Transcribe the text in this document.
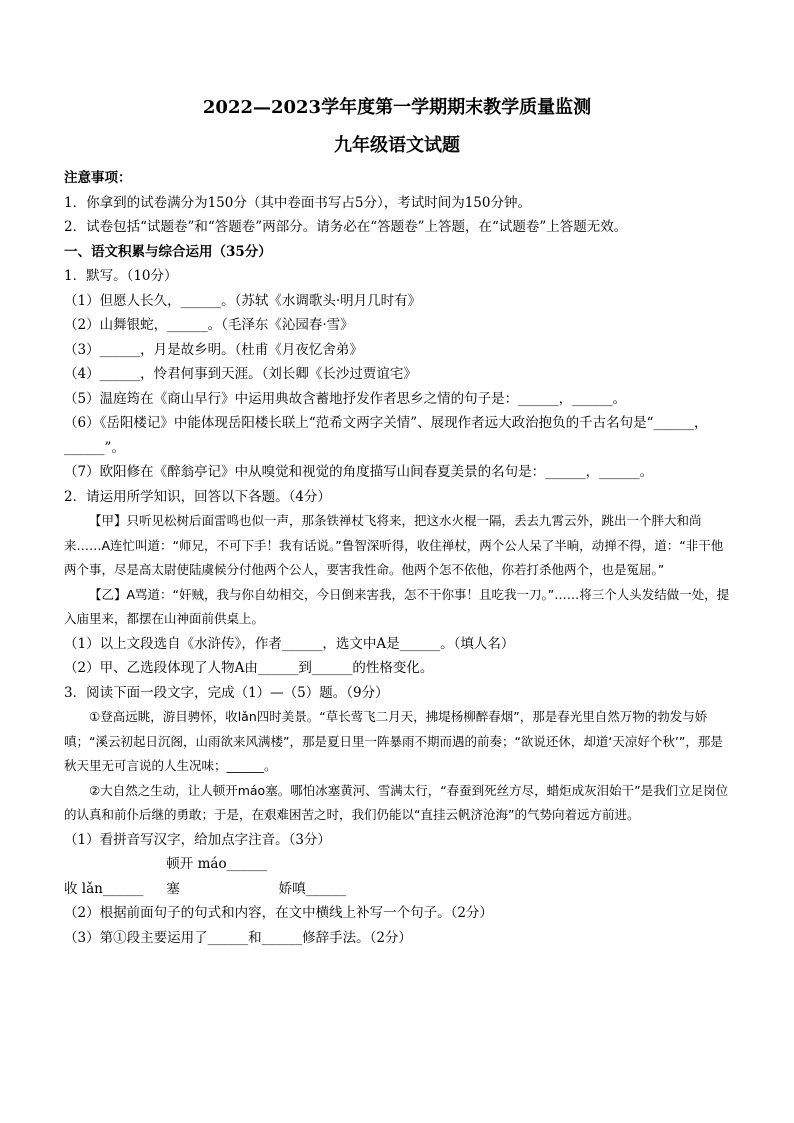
2022—2023学年度第一学期期末教学质量监测
九年级语文试题

注意事项：

1．你拿到的试卷满分为150分（其中卷面书写占5分），考试时间为150分钟。

2．试卷包括“试题卷”和“答题卷”两部分。请务必在“答题卷”上答题，在“试题卷”上答题无效。

一、语文积累与综合运用（35分）

1．默写。（10分）

（1）但愿人长久，______。（苏轼《水调歌头·明月几时有》

（2）山舞银蛇，______。（毛泽东《沁园春·雪》

（3）______，月是故乡明。（杜甫《月夜忆舍弟》

（4）______，怜君何事到天涯。（刘长卿《长沙过贾谊宅》

（5）温庭筠在《商山早行》中运用典故含蓄地抒发作者思乡之情的句子是：______，______。

（6）《岳阳楼记》中能体现岳阳楼长联上“范希文两字关情”、展现作者远大政治抱负的千古名句是“______，______”。

（7）欧阳修在《醉翁亭记》中从嗅觉和视觉的角度描写山间春夏美景的名句是：______，______。

2．请运用所学知识，回答以下各题。（4分）

【甲】只听见松树后面雷鸣也似一声，那条铁禅杖飞将来，把这水火棍一隔，丢去九霄云外，跳出一个胖大和尚来……A连忙叫道：“师兄，不可下手！我有话说。”鲁智深听得，收住禅杖，两个公人呆了半晌，动掸不得，道：“非干他两个事，尽是高太尉使陆虞候分付他两个公人，要害我性命。他两个怎不依他，你若打杀他两个，也是冤屈。”

【乙】A骂道：“奸贼，我与你自幼相交，今日倒来害我，怎不干你事！且吃我一刀。”……将三个人头发结做一处，提入庙里来，都摆在山神面前供桌上。

（1）以上文段选自《水浒传》，作者______，选文中A是______。（填人名）

（2）甲、乙选段体现了人物A由______到______的性格变化。

3．阅读下面一段文字，完成（1）—（5）题。（9分）

①登高远眺，游目骋怀，收lǎn四时美景。“草长莺飞二月天，拂堤杨柳醉春烟”，那是春光里自然万物的勃发与娇嗔；“溪云初起日沉阁，山雨欲来风满楼”，那是夏日里一阵暴雨不期而遇的前奏；“欲说还休，却道‘天凉好个秋’”，那是秋天里无可言说的人生况味；______。

②大自然之生动，让人顿开máo塞。哪怕冰塞黄河、雪满太行，“春蚕到死丝方尽，蜡炬成灰泪始干”是我们立足岗位的认真和前仆后继的勇敢；于是，在艰难困苦之时，我们仍能以“直挂云帆济沧海”的气势向着远方前进。

（1）看拼音写汉字，给加点字注音。（3分）

收 lǎn______ 顿开 máo______塞	娇嗔______

（2）根据前面句子的句式和内容，在文中横线上补写一个句子。（2分）

（3）第①段主要运用了______和______修辞手法。（2分）
